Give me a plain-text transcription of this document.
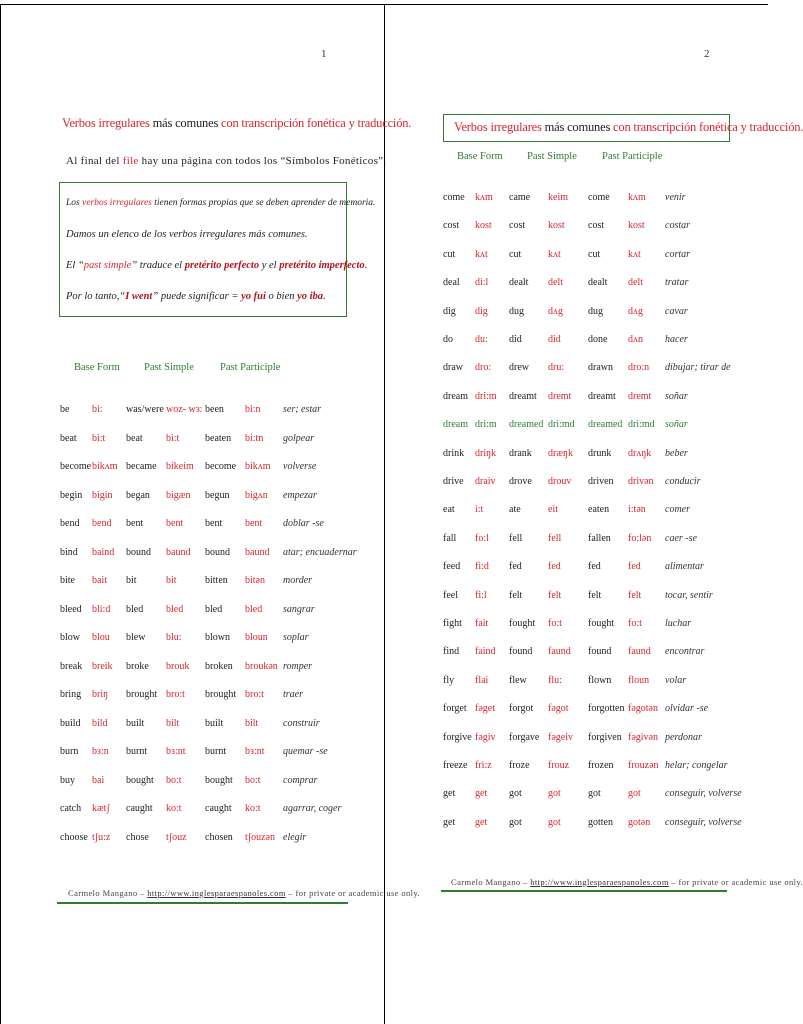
1
Verbos irregulares más comunes con transcripción fonética y traducción.
Al final del file hay una página con todos los “Símbolos Fonéticos”.
Los verbos irregulares tienen formas propias que se deben aprender de memoria.
Damos un elenco de los verbos irregulares más comunes.
El “past simple” traduce el pretérito perfecto y el pretérito imperfecto.
Por lo tanto,“I went” puede significar = yo fui o bien yo iba.
Base Form Past Simple Past Participle
be bi: was/were woz- wз: been bi:n ser; estar
beat bi:t beat bi:t	beaten bi:tn golpear
become bikʌm became bikeim become bikʌm volverse
begin bigin began bigæn begun bigʌn empezar
bend bend bent bent bent bent doblar -se
bind baind bound baund bound baund atar; encuadernar
bite bait bit	bit	bitten bitən morder
bleed bli:d bled bled bled bled sangrar
blow blou blew blu: blown bloun soplar
break breik broke brouk broken broukən romper
bring briŋ brought bro:t brought bro:t traer
build bild built bilt	built bilt construir
burn bз:n burnt bз:nt burnt bз:nt quemar -se
buy bai bought bo:t bought bo:t comprar
catch kætʃ caught ko:t caught ko:t agarrar, coger
choose tʃu:z chose tʃouz chosen tʃouzən elegir
Carmelo Mangano – http://www.inglesparaespanoles.com – for private or academic use only.
2
Verbos irregulares más comunes con transcripción fonética y traducción.
Base Form Past Simple Past Participle
come kʌm came keim come kʌm venir
cost kost cost kost cost kost costar
cut kʌt cut	kʌt	cut	kʌt cortar
deal di:l dealt delt	dealt delt tratar
dig dig dug dʌg	dug	dʌg cavar
do du: did	did	done dʌn hacer
draw dro: drew dru: drawn dro:n dibujar; tirar de
dream dri:m dreamt dremt dreamt dremt soñar
dream dri:m dreamed dri:md dreamed dri:md soñar
drink driŋk drank dræŋk drunk drʌŋk beber
drive draiv drove drouv driven drivən conducir
eat i:t	ate	eit	eaten i:tən comer
fall fo:l fell	fell	fallen fo:lən caer -se
feed fi:d fed	fed	fed	fed alimentar
feel fi:l felt	felt	felt	felt tocar, sentir
fight fait fought fo:t	fought fo:t luchar
find faind found faund found faund encontrar
fly flai flew flu:	flown floun volar
forget fəget forgot fəgot forgotten fəgotən olvidar -se
forgive fəgiv forgave fəgeiv forgiven fəgivən perdonar
freeze fri:z froze frouz frozen frouzən helar; congelar
get get got	got	got	got conseguir, volverse
get get got	got	gotten gotən conseguir, volverse
Carmelo Mangano – http://www.inglesparaespanoles.com – for private or academic use only.
